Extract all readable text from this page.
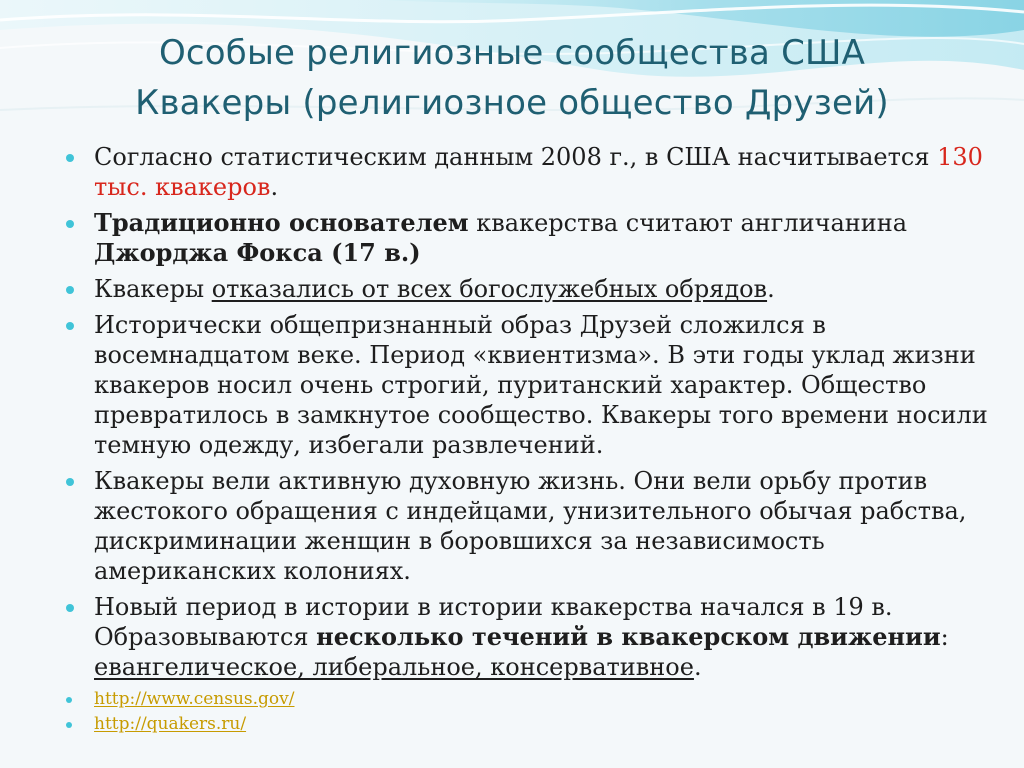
Особые религиозные сообщества США
Квакеры (религиозное общество Друзей)
Согласно статистическим данным 2008 г., в США насчитывается 130 тыс. квакеров.
Традиционно основателем квакерства считают англичанина Джорджа Фокса (17 в.)
Квакеры отказались от всех богослужебных обрядов.
Исторически общепризнанный образ Друзей сложился в восемнадцатом веке. Период «квиентизма». В эти годы уклад жизни квакеров носил очень строгий, пуританский характер. Общество превратилось в замкнутое сообщество. Квакеры того времени носили темную одежду, избегали развлечений.
Квакеры вели активную духовную жизнь. Они вели орьбу против жестокого обращения с индейцами, унизительного обычая рабства, дискриминации женщин в боровшихся за независимость американских колониях.
Новый период в истории в истории квакерства начался в 19 в. Образовываются несколько течений в квакерском движении: евангелическое, либеральное, консервативное.
http://www.census.gov/
http://quakers.ru/
